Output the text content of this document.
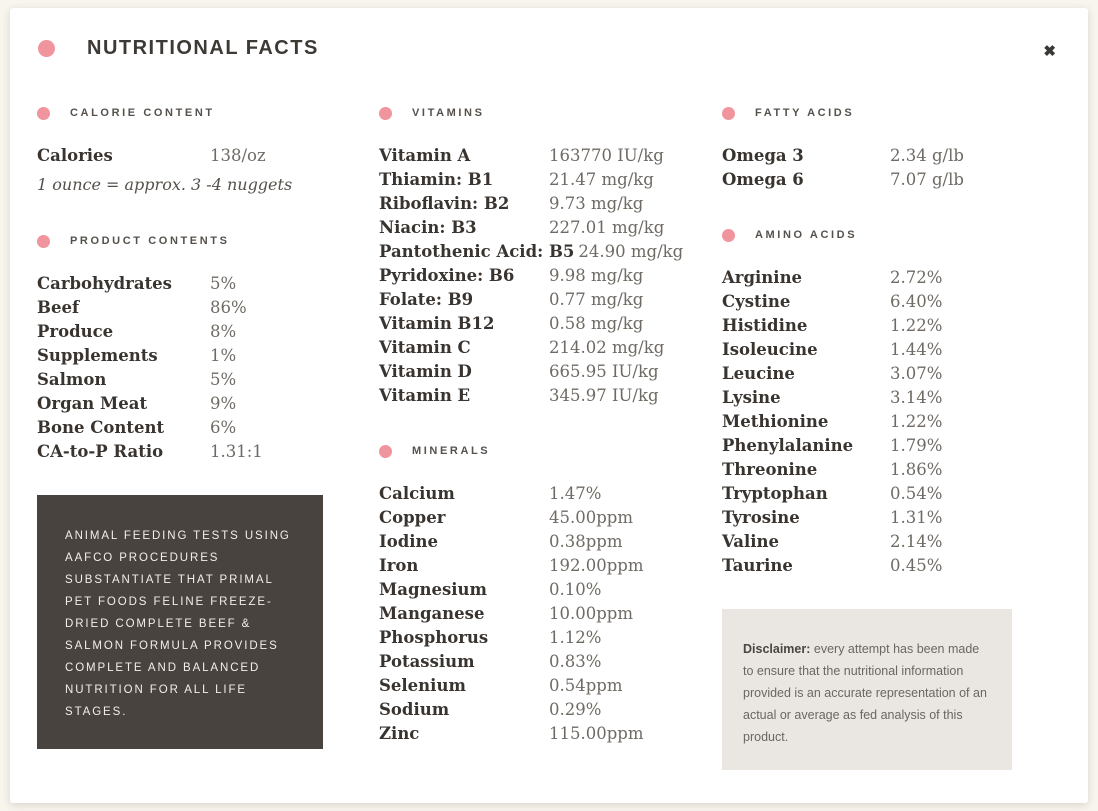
NUTRITIONAL FACTS	✖
CALORIE CONTENT
Calories	138/oz
1 ounce = approx. 3 -4 nuggets
PRODUCT CONTENTS
Carbohydrates	5%
Beef	86%
Produce	8%
Supplements	1%
Salmon	5%
Organ Meat	9%
Bone Content	6%
CA-to-P Ratio	1.31:1
ANIMAL FEEDING TESTS USING AAFCO PROCEDURES SUBSTANTIATE THAT PRIMAL PET FOODS FELINE FREEZE-DRIED COMPLETE BEEF & SALMON FORMULA PROVIDES COMPLETE AND BALANCED NUTRITION FOR ALL LIFE STAGES.
VITAMINS
Vitamin A	163770 IU/kg
Thiamin: B1	21.47 mg/kg
Riboflavin: B2	9.73 mg/kg
Niacin: B3	227.01 mg/kg
Pantothenic Acid: B5 24.90 mg/kg
Pyridoxine: B6	9.98 mg/kg
Folate: B9	0.77 mg/kg
Vitamin B12	0.58 mg/kg
Vitamin C	214.02 mg/kg
Vitamin D	665.95 IU/kg
Vitamin E	345.97 IU/kg
MINERALS
Calcium	1.47%
Copper	45.00ppm
Iodine	0.38ppm
Iron	192.00ppm
Magnesium	0.10%
Manganese	10.00ppm
Phosphorus	1.12%
Potassium	0.83%
Selenium	0.54ppm
Sodium	0.29%
Zinc	115.00ppm
FATTY ACIDS
Omega 3	2.34 g/lb
Omega 6	7.07 g/lb
AMINO ACIDS
Arginine	2.72%
Cystine	6.40%
Histidine	1.22%
Isoleucine	1.44%
Leucine	3.07%
Lysine	3.14%
Methionine	1.22%
Phenylalanine	1.79%
Threonine	1.86%
Tryptophan	0.54%
Tyrosine	1.31%
Valine	2.14%
Taurine	0.45%
Disclaimer: every attempt has been made to ensure that the nutritional information provided is an accurate representation of an actual or average as fed analysis of this product.
